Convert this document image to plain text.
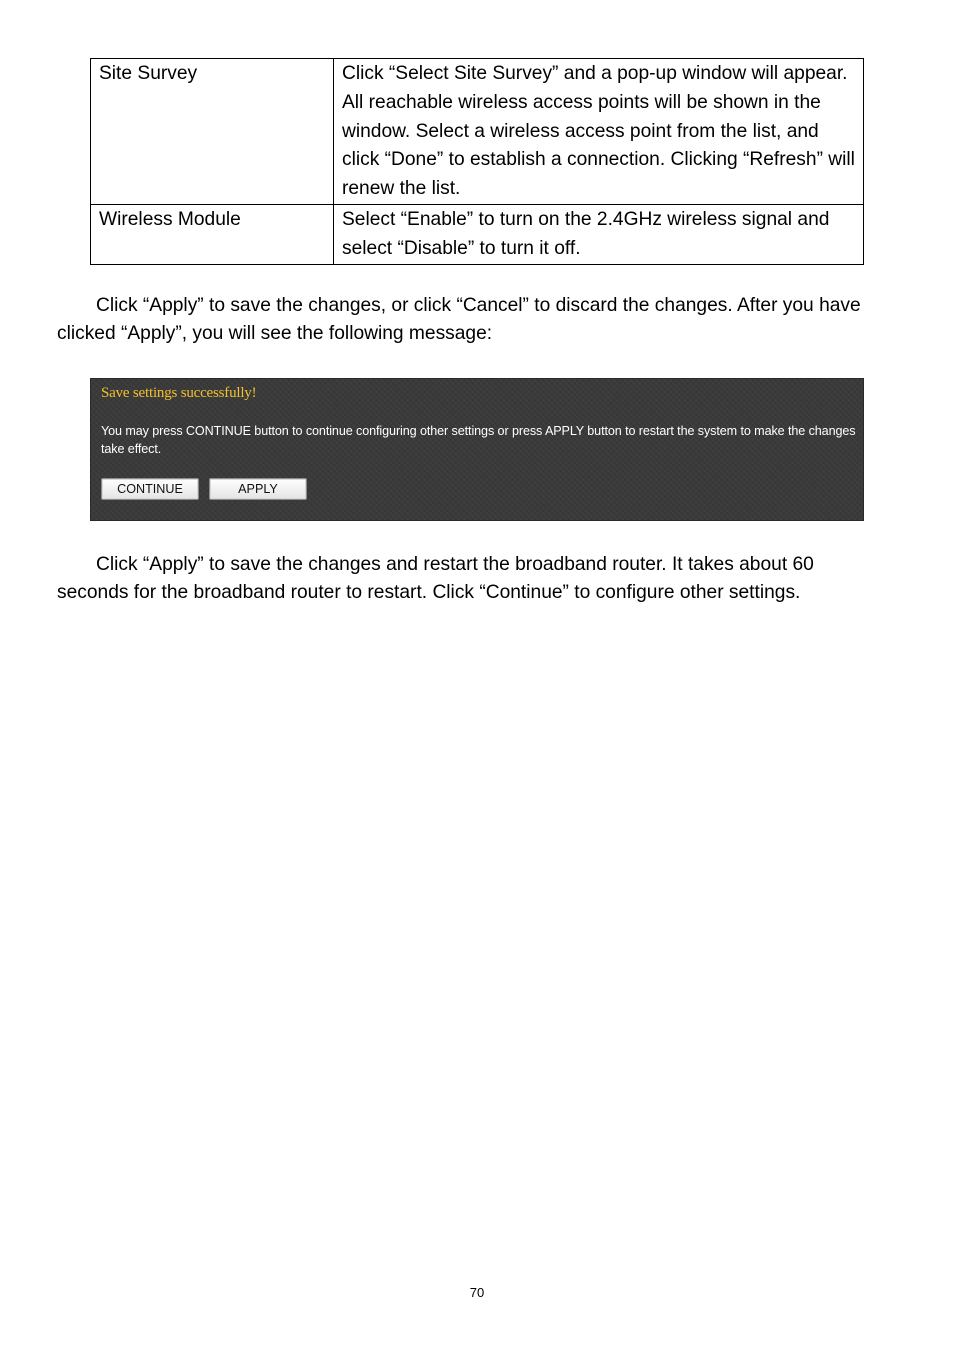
Site Survey	Click “Select Site Survey” and a pop-up window will appear. All reachable wireless access points will be shown in the window. Select a wireless access point from the list, and click “Done” to establish a connection. Clicking “Refresh” will renew the list.
Wireless Module	Select “Enable” to turn on the 2.4GHz wireless signal and select “Disable” to turn it off.

Click “Apply” to save the changes, or click “Cancel” to discard the changes. After you have clicked “Apply”, you will see the following message:

Save settings successfully!
You may press CONTINUE button to continue configuring other settings or press APPLY button to restart the system to make the changes take effect.
CONTINUE	APPLY

Click “Apply” to save the changes and restart the broadband router. It takes about 60 seconds for the broadband router to restart. Click “Continue” to configure other settings.

70
